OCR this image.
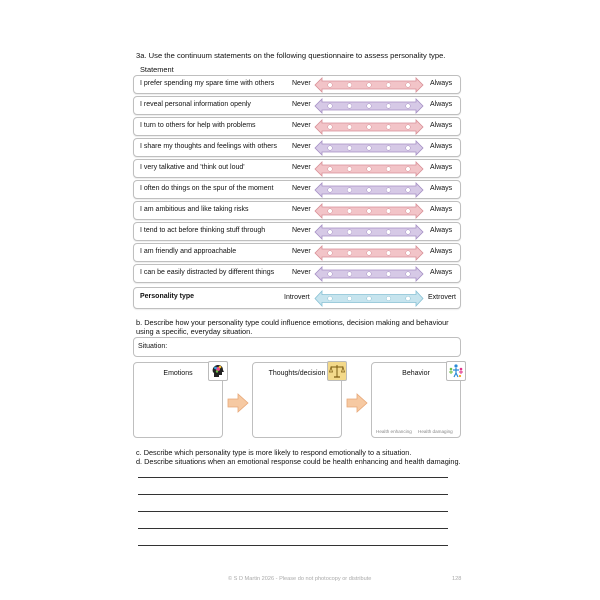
3a. Use the continuum statements on the following questionnaire to assess personality type.
Statement
I prefer spending my spare time with others	Never	Always
I reveal personal information openly	Never	Always
I turn to others for help with problems	Never	Always
I share my thoughts and feelings with others Never	Always
I very talkative and 'think out loud'	Never	Always
I often do things on the spur of the moment	Never	Always
I am ambitious and like taking risks	Never	Always
I tend to act before thinking stuff through	Never	Always
I am friendly and approachable	Never	Always
I can be easily distracted by different things	Never	Always
Personality type	Introvert	Extrovert
b. Describe how your personality type could influence emotions, decision making and behaviour using a specific, everyday situation.
Situation:
Emotions	Thoughts/decision	Behavior
Health enhancing Health damaging
c. Describe which personality type is more likely to respond emotionally to a situation.
d. Describe situations when an emotional response could be health enhancing and health damaging.
© S D Martin 2026 - Please do not photocopy or distribute	128
